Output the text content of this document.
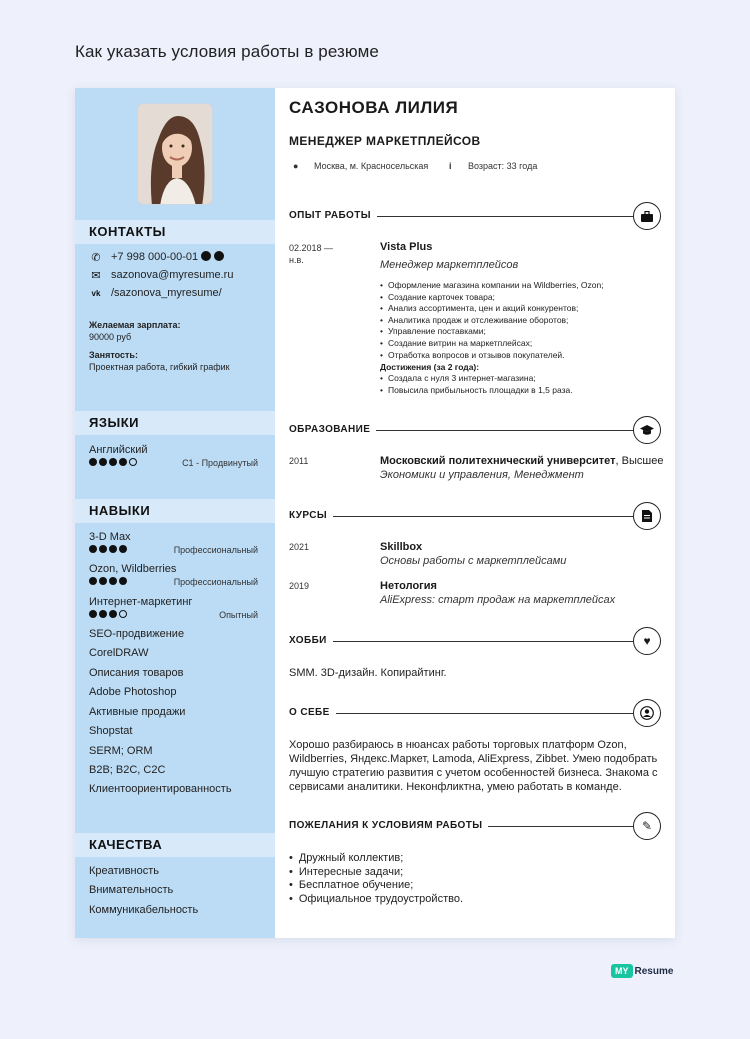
Как указать условия работы в резюме
КОНТАКТЫ
✆ +7 998 000-00-01
✉ sazonova@myresume.ru
vk /sazonova_myresume/
Желаемая зарплата:
90000 руб
Занятость:
Проектная работа, гибкий график
ЯЗЫКИ
Английский
C1 - Продвинутый
НАВЫКИ
3-D Max
Профессиональный
Ozon, Wildberries
Профессиональный
Интернет-маркетинг
Опытный
SEO-продвижение
CorelDRAW
Описания товаров
Adobe Photoshop
Активные продажи
Shopstat
SERM; ORM
B2B; B2C, C2C
Клиентоориентированность
КАЧЕСТВА
Креативность
Внимательность
Коммуникабельность
САЗОНОВА ЛИЛИЯ
МЕНЕДЖЕР МАРКЕТПЛЕЙСОВ
● Москва, м. Красносельская i Возраст: 33 года
ОПЫТ РАБОТЫ
02.2018 —
н.в.
Vista Plus
Менеджер маркетплейсов
• Оформление магазина компании на Wildberries, Ozon;
• Создание карточек товара;
• Анализ ассортимента, цен и акций конкурентов;
• Аналитика продаж и отслеживание оборотов;
• Управление поставками;
• Создание витрин на маркетплейсах;
• Отработка вопросов и отзывов покупателей.
Достижения (за 2 года):
• Создала с нуля 3 интернет-магазина;
• Повысила прибыльность площадки в 1,5 раза.
ОБРАЗОВАНИЕ
2011	Московский политехнический университет, Высшее
Экономики и управления, Менеджмент
КУРСЫ
2021	Skillbox
Основы работы с маркетплейсами
2019	Нетология
AliExpress: старт продаж на маркетплейсах
ХОББИ	♥
SMM. 3D-дизайн. Копирайтинг.
О СЕБЕ
Хорошо разбираюсь в нюансах работы торговых платформ Ozon, Wildberries, Яндекс.Маркет, Lamoda, AliExpress, Zibbet. Умею подобрать лучшую стратегию развития с учетом особенностей бизнеса. Знакома с сервисами аналитики. Неконфликтна, умею работать в команде.
ПОЖЕЛАНИЯ К УСЛОВИЯМ РАБОТЫ	✎
• Дружный коллектив;
• Интересные задачи;
• Бесплатное обучение;
• Официальное трудоустройство.
MY Resume
